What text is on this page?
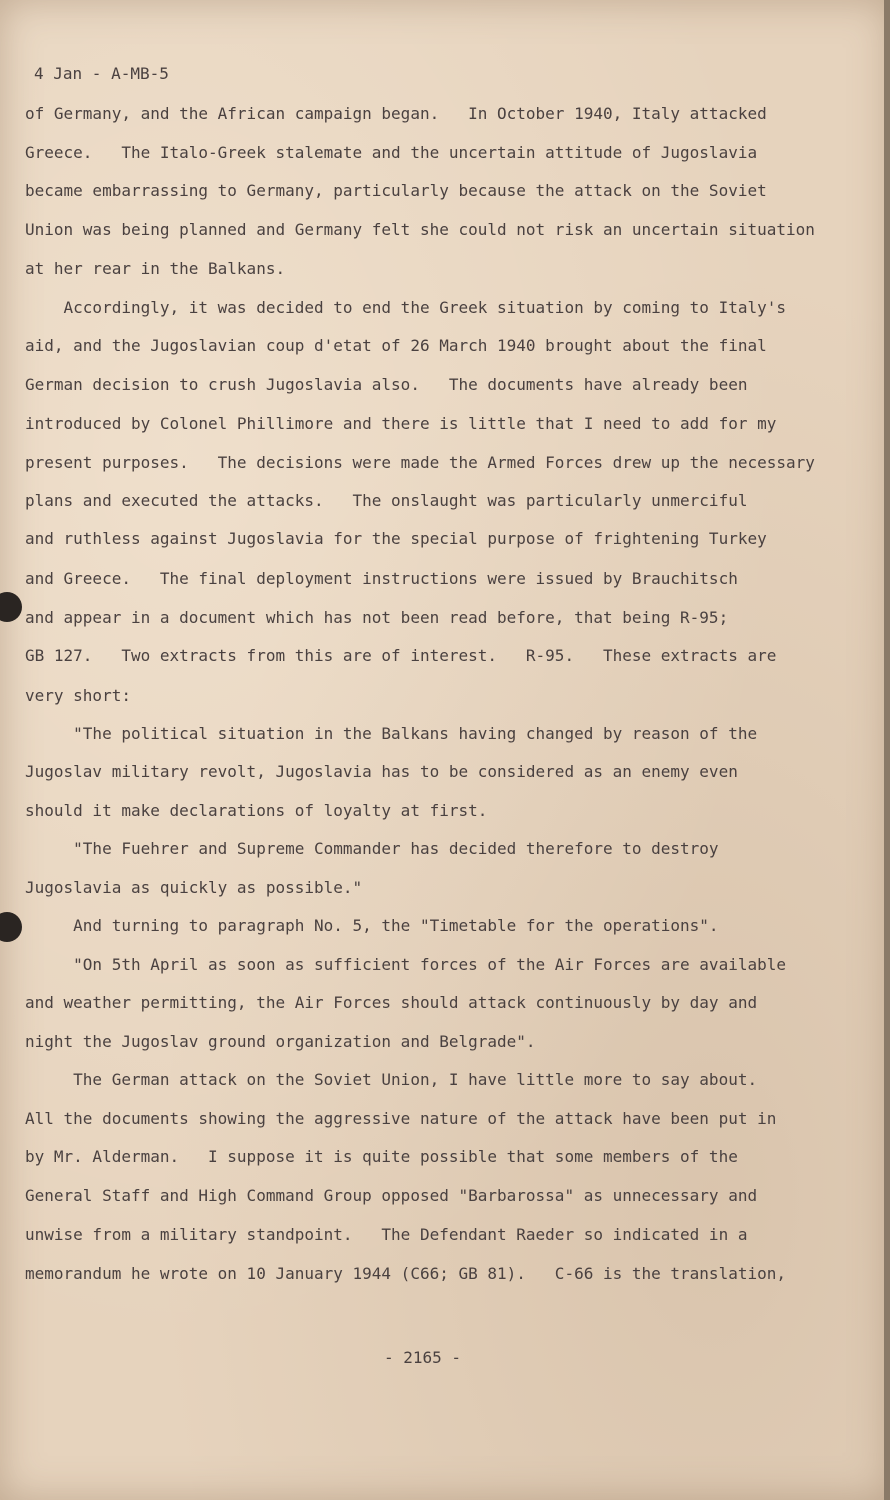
4 Jan - A-MB-5
of Germany, and the African campaign began.   In October 1940, Italy attacked
Greece.   The Italo-Greek stalemate and the uncertain attitude of Jugoslavia
became embarrassing to Germany, particularly because the attack on the Soviet
Union was being planned and Germany felt she could not risk an uncertain situation
at her rear in the Balkans.
Accordingly, it was decided to end the Greek situation by coming to Italy's
aid, and the Jugoslavian coup d'etat of 26 March 1940 brought about the final
German decision to crush Jugoslavia also.   The documents have already been
introduced by Colonel Phillimore and there is little that I need to add for my
present purposes.   The decisions were made the Armed Forces drew up the necessary
plans and executed the attacks.   The onslaught was particularly unmerciful
and ruthless against Jugoslavia for the special purpose of frightening Turkey
and Greece.   The final deployment instructions were issued by Brauchitsch
and appear in a document which has not been read before, that being R-95;
GB 127.   Two extracts from this are of interest.   R-95.   These extracts are
very short:
"The political situation in the Balkans having changed by reason of the
Jugoslav military revolt, Jugoslavia has to be considered as an enemy even
should it make declarations of loyalty at first.
"The Fuehrer and Supreme Commander has decided therefore to destroy
Jugoslavia as quickly as possible."
And turning to paragraph No. 5, the "Timetable for the operations".
"On 5th April as soon as sufficient forces of the Air Forces are available
and weather permitting, the Air Forces should attack continuously by day and
night the Jugoslav ground organization and Belgrade".
The German attack on the Soviet Union, I have little more to say about.
All the documents showing the aggressive nature of the attack have been put in
by Mr. Alderman.   I suppose it is quite possible that some members of the
General Staff and High Command Group opposed "Barbarossa" as unnecessary and
unwise from a military standpoint.   The Defendant Raeder so indicated in a
memorandum he wrote on 10 January 1944 (C66; GB 81).   C-66 is the translation,
- 2165 -
